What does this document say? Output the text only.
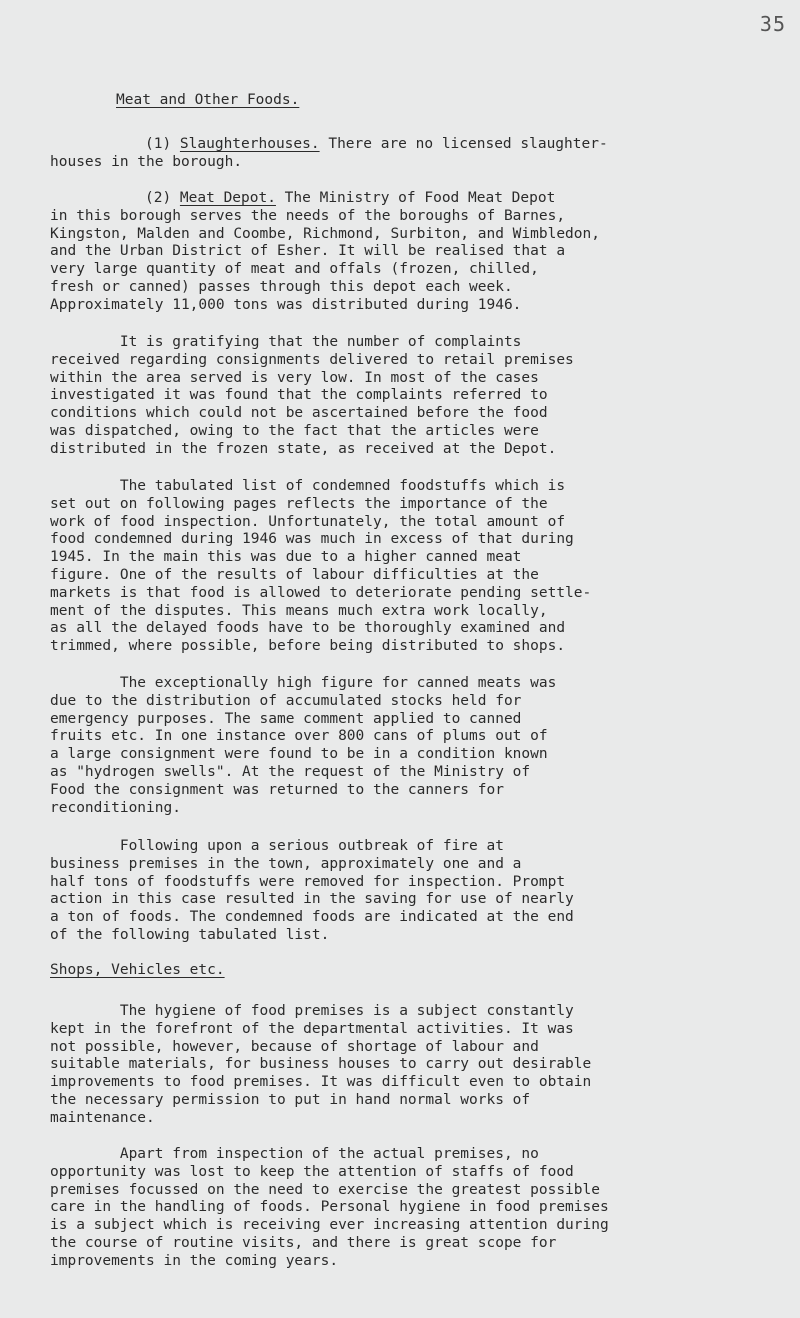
35
Meat and Other Foods.
(1) Slaughterhouses. There are no licensed slaughter-
houses in the borough.
(2) Meat Depot. The Ministry of Food Meat Depot
in this borough serves the needs of the boroughs of Barnes,
Kingston, Malden and Coombe, Richmond, Surbiton, and Wimbledon,
and the Urban District of Esher. It will be realised that a
very large quantity of meat and offals (frozen, chilled,
fresh or canned) passes through this depot each week.
Approximately 11,000 tons was distributed during 1946.
It is gratifying that the number of complaints
received regarding consignments delivered to retail premises
within the area served is very low. In most of the cases
investigated it was found that the complaints referred to
conditions which could not be ascertained before the food
was dispatched, owing to the fact that the articles were
distributed in the frozen state, as received at the Depot.
The tabulated list of condemned foodstuffs which is
set out on following pages reflects the importance of the
work of food inspection. Unfortunately, the total amount of
food condemned during 1946 was much in excess of that during
1945. In the main this was due to a higher canned meat
figure. One of the results of labour difficulties at the
markets is that food is allowed to deteriorate pending settle-
ment of the disputes. This means much extra work locally,
as all the delayed foods have to be thoroughly examined and
trimmed, where possible, before being distributed to shops.
The exceptionally high figure for canned meats was
due to the distribution of accumulated stocks held for
emergency purposes. The same comment applied to canned
fruits etc. In one instance over 800 cans of plums out of
a large consignment were found to be in a condition known
as "hydrogen swells". At the request of the Ministry of
Food the consignment was returned to the canners for
reconditioning.
Following upon a serious outbreak of fire at
business premises in the town, approximately one and a
half tons of foodstuffs were removed for inspection. Prompt
action in this case resulted in the saving for use of nearly
a ton of foods. The condemned foods are indicated at the end
of the following tabulated list.
Shops, Vehicles etc.
The hygiene of food premises is a subject constantly
kept in the forefront of the departmental activities. It was
not possible, however, because of shortage of labour and
suitable materials, for business houses to carry out desirable
improvements to food premises. It was difficult even to obtain
the necessary permission to put in hand normal works of
maintenance.
Apart from inspection of the actual premises, no
opportunity was lost to keep the attention of staffs of food
premises focussed on the need to exercise the greatest possible
care in the handling of foods. Personal hygiene in food premises
is a subject which is receiving ever increasing attention during
the course of routine visits, and there is great scope for
improvements in the coming years.
